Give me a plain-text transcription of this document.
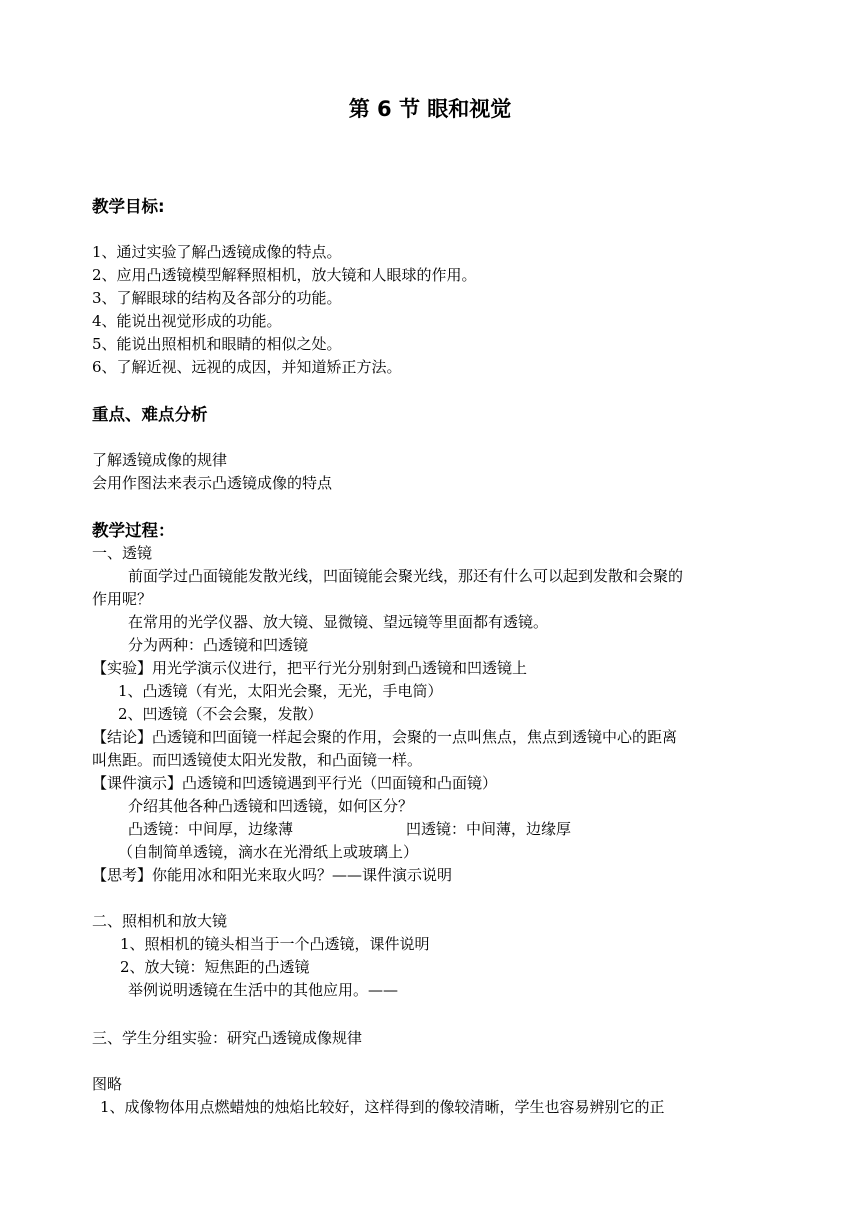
第 6 节 眼和视觉
教学目标:
1、通过实验了解凸透镜成像的特点。
2、应用凸透镜模型解释照相机，放大镜和人眼球的作用。
3、了解眼球的结构及各部分的功能。
4、能说出视觉形成的功能。
5、能说出照相机和眼睛的相似之处。
6、了解近视、远视的成因，并知道矫正方法。
重点、难点分析
了解透镜成像的规律
会用作图法来表示凸透镜成像的特点
教学过程：
一、透镜
前面学过凸面镜能发散光线，凹面镜能会聚光线，那还有什么可以起到发散和会聚的
作用呢？
在常用的光学仪器、放大镜、显微镜、望远镜等里面都有透镜。
分为两种：凸透镜和凹透镜
【实验】用光学演示仪进行，把平行光分别射到凸透镜和凹透镜上
1、凸透镜（有光，太阳光会聚，无光，手电筒）
2、凹透镜（不会会聚，发散）
【结论】凸透镜和凹面镜一样起会聚的作用，会聚的一点叫焦点，焦点到透镜中心的距离
叫焦距。而凹透镜使太阳光发散，和凸面镜一样。
【课件演示】凸透镜和凹透镜遇到平行光（凹面镜和凸面镜）
介绍其他各种凸透镜和凹透镜，如何区分？
凸透镜：中间厚，边缘薄	凹透镜：中间薄，边缘厚
（自制简单透镜，滴水在光滑纸上或玻璃上）
【思考】你能用冰和阳光来取火吗？——课件演示说明
二、照相机和放大镜
1、照相机的镜头相当于一个凸透镜，课件说明
2、放大镜：短焦距的凸透镜
举例说明透镜在生活中的其他应用。——
三、学生分组实验：研究凸透镜成像规律
图略
1、成像物体用点燃蜡烛的烛焰比较好，这样得到的像较清晰，学生也容易辨别它的正
